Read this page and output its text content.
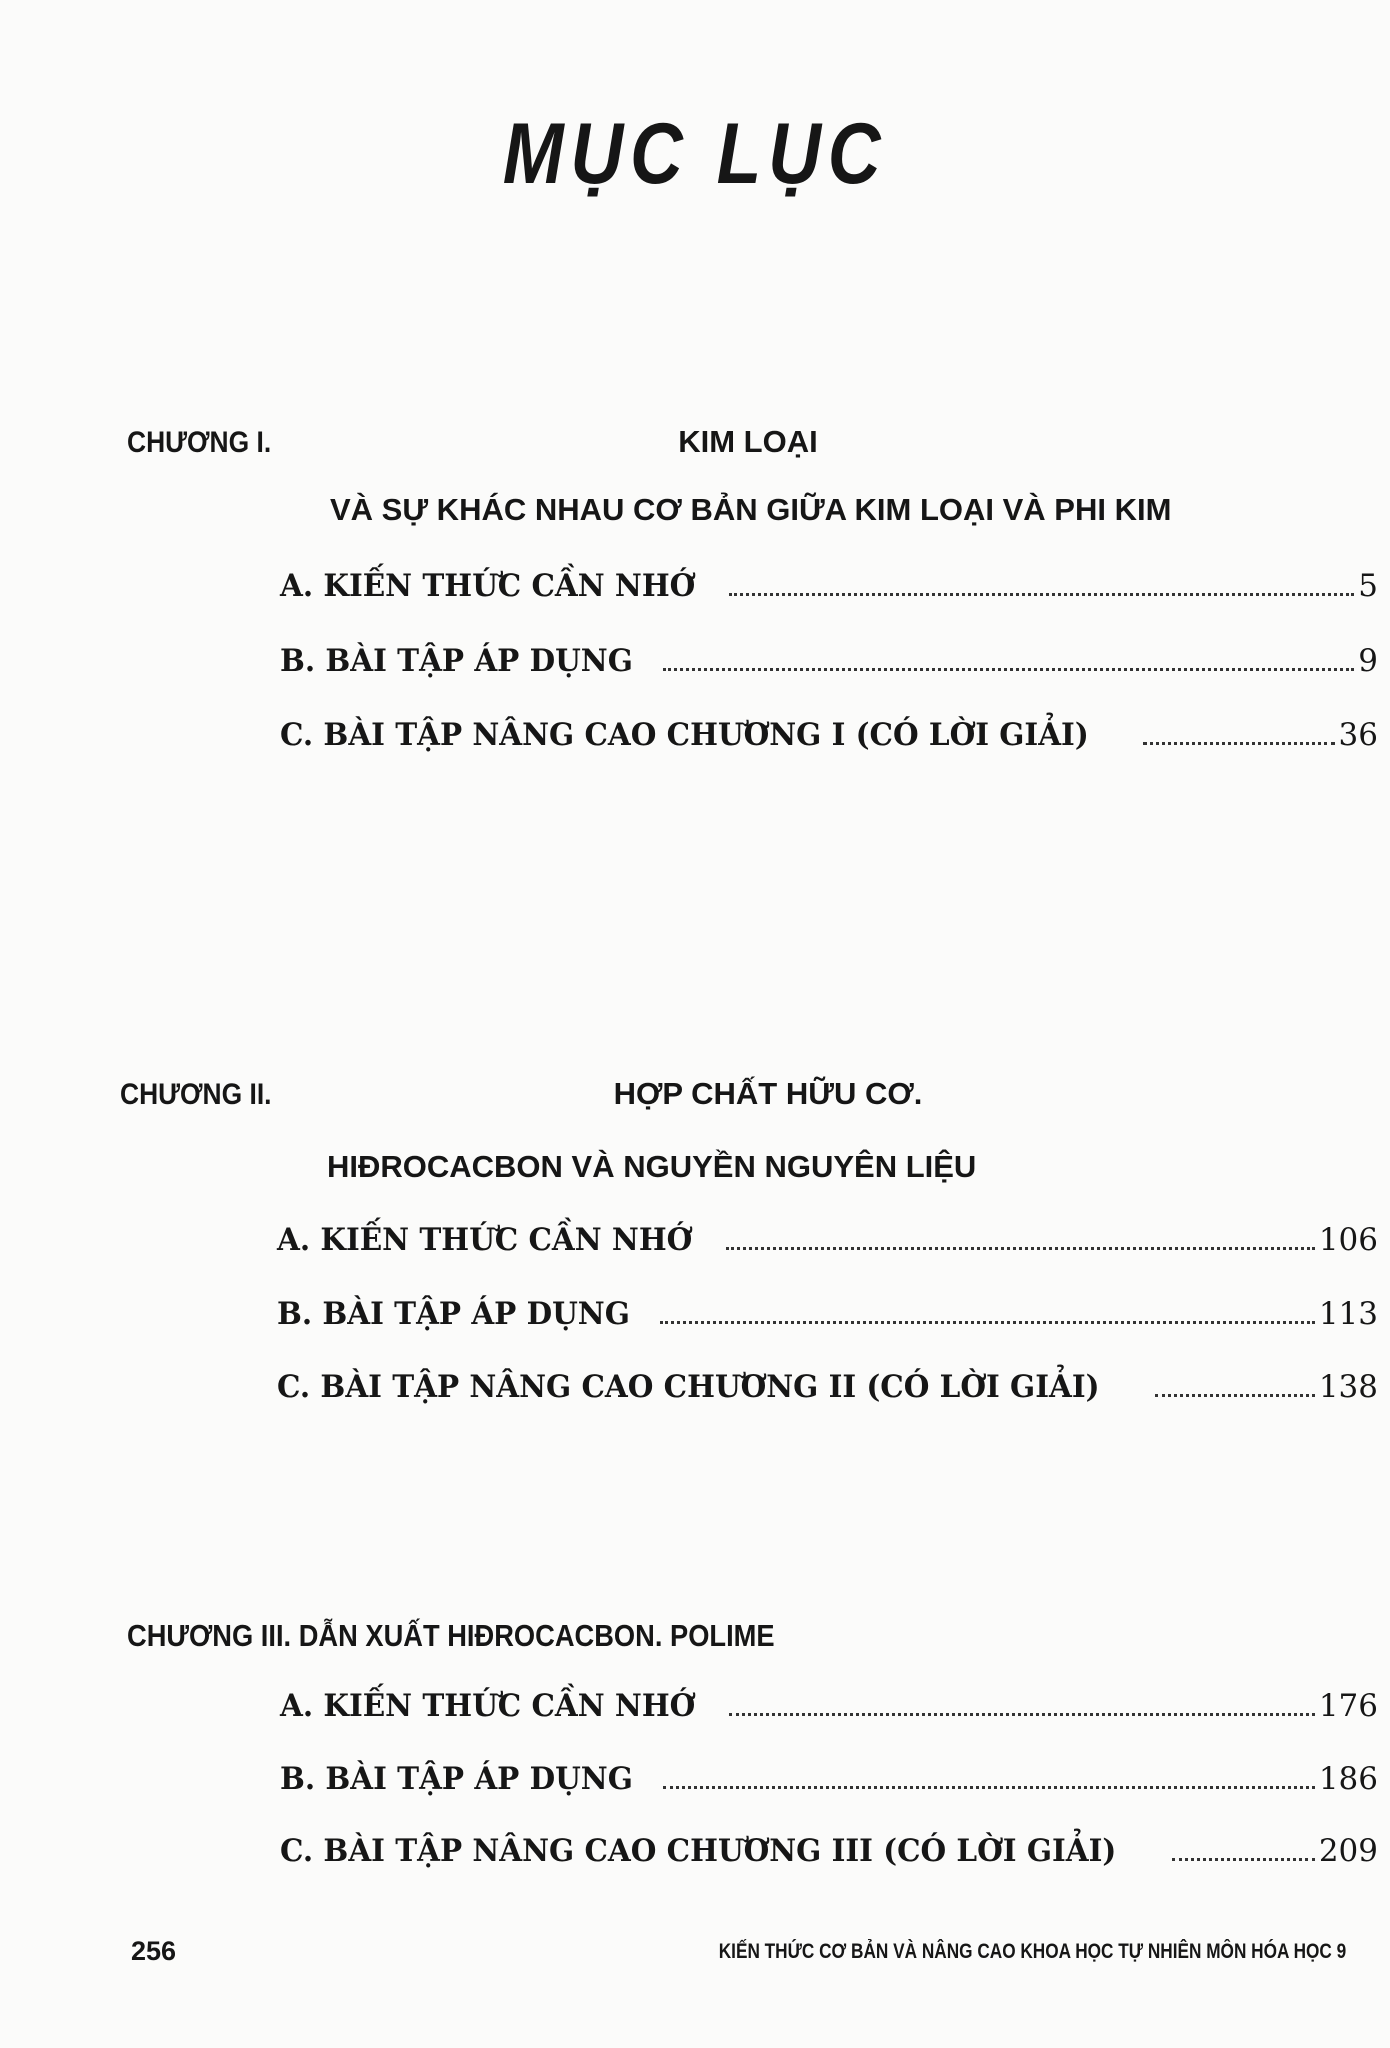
MỤC LỤC
CHƯƠNG I.	KIM LOẠI
VÀ SỰ KHÁC NHAU CƠ BẢN GIỮA KIM LOẠI VÀ PHI KIM
A. KIẾN THỨC CẦN NHỚ	5
B. BÀI TẬP ÁP DỤNG	9
C. BÀI TẬP NÂNG CAO CHƯƠNG I (CÓ LỜI GIẢI)	36
CHƯƠNG II.	HỢP CHẤT HỮU CƠ.
HIĐROCACBON VÀ NGUYỀN NGUYÊN LIỆU
A. KIẾN THỨC CẦN NHỚ	106
B. BÀI TẬP ÁP DỤNG	113
C. BÀI TẬP NÂNG CAO CHƯƠNG II (CÓ LỜI GIẢI)	138
CHƯƠNG III. DẪN XUẤT HIĐROCACBON. POLIME
A. KIẾN THỨC CẦN NHỚ	176
B. BÀI TẬP ÁP DỤNG	186
C. BÀI TẬP NÂNG CAO CHƯƠNG III (CÓ LỜI GIẢI)	209
256	KIẾN THỨC CƠ BẢN VÀ NÂNG CAO KHOA HỌC TỰ NHIÊN MÔN HÓA HỌC 9
